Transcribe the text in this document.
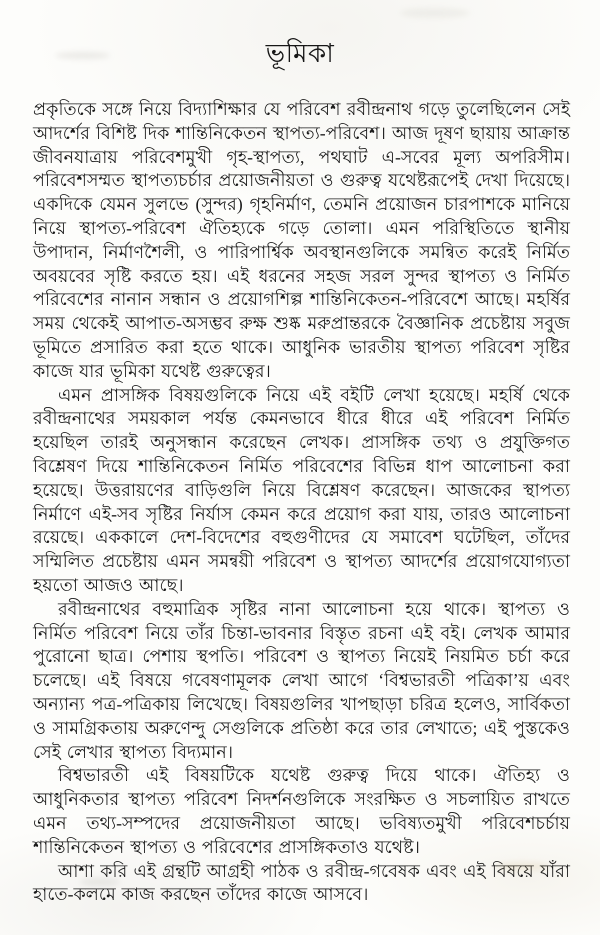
ভূমিকা

প্রকৃতিকে সঙ্গে নিয়ে বিদ্যাশিক্ষার যে পরিবেশ রবীন্দ্রনাথ গড়ে তুলেছিলেন সেই আদর্শের বিশিষ্ট দিক শান্তিনিকেতন স্থাপত্য-পরিবেশ। আজ দূষণ ছায়ায় আক্রান্ত জীবনযাত্রায় পরিবেশমুখী গৃহ-স্থাপত্য, পথঘাট এ-সবের মূল্য অপরিসীম। পরিবেশসম্মত স্থাপত্যচর্চার প্রয়োজনীয়তা ও গুরুত্ব যথেষ্টরূপেই দেখা দিয়েছে। একদিকে যেমন সুলভে (সুন্দর) গৃহনির্মাণ, তেমনি প্রয়োজন চারপাশকে মানিয়ে নিয়ে স্থাপত্য-পরিবেশ ঐতিহ্যকে গড়ে তোলা। এমন পরিস্থিতিতে স্থানীয় উপাদান, নির্মাণশৈলী, ও পারিপার্শ্বিক অবস্থানগুলিকে সমন্বিত করেই নির্মিত অবয়বের সৃষ্টি করতে হয়। এই ধরনের সহজ সরল সুন্দর স্থাপত্য ও নির্মিত পরিবেশের নানান সন্ধান ও প্রয়োগশিল্প শান্তিনিকেতন-পরিবেশে আছে। মহর্ষির সময় থেকেই আপাত-অসম্ভব রুক্ষ শুষ্ক মরুপ্রান্তরকে বৈজ্ঞানিক প্রচেষ্টায় সবুজ ভূমিতে প্রসারিত করা হতে থাকে। আধুনিক ভারতীয় স্থাপত্য পরিবেশ সৃষ্টির কাজে যার ভূমিকা যথেষ্ট গুরুত্বের।

এমন প্রাসঙ্গিক বিষয়গুলিকে নিয়ে এই বইটি লেখা হয়েছে। মহর্ষি থেকে রবীন্দ্রনাথের সময়কাল পর্যন্ত কেমনভাবে ধীরে ধীরে এই পরিবেশ নির্মিত হয়েছিল তারই অনুসন্ধান করেছেন লেখক। প্রাসঙ্গিক তথ্য ও প্রযুক্তিগত বিশ্লেষণ দিয়ে শান্তিনিকেতন নির্মিত পরিবেশের বিভিন্ন ধাপ আলোচনা করা হয়েছে। উত্তরায়ণের বাড়িগুলি নিয়ে বিশ্লেষণ করেছেন। আজকের স্থাপত্য নির্মাণে এই-সব সৃষ্টির নির্যাস কেমন করে প্রয়োগ করা যায়, তারও আলোচনা রয়েছে। এককালে দেশ-বিদেশের বহুগুণীদের যে সমাবেশ ঘটেছিল, তাঁদের সম্মিলিত প্রচেষ্টায় এমন সমন্বয়ী পরিবেশ ও স্থাপত্য আদর্শের প্রয়োগযোগ্যতা হয়তো আজও আছে।

রবীন্দ্রনাথের বহুমাত্রিক সৃষ্টির নানা আলোচনা হয়ে থাকে। স্থাপত্য ও নির্মিত পরিবেশ নিয়ে তাঁর চিন্তা-ভাবনার বিস্তৃত রচনা এই বই। লেখক আমার পুরোনো ছাত্র। পেশায় স্থপতি। পরিবেশ ও স্থাপত্য নিয়েই নিয়মিত চর্চা করে চলেছে। এই বিষয়ে গবেষণামূলক লেখা আগে ‘বিশ্বভারতী পত্রিকা’য় এবং অন্যান্য পত্র-পত্রিকায় লিখেছে। বিষয়গুলির খাপছাড়া চরিত্র হলেও, সার্বিকতা ও সামগ্রিকতায় অরুণেন্দু সেগুলিকে প্রতিষ্ঠা করে তার লেখাতে; এই পুস্তকেও সেই লেখার স্থাপত্য বিদ্যমান।

বিশ্বভারতী এই বিষয়টিকে যথেষ্ট গুরুত্ব দিয়ে থাকে। ঐতিহ্য ও আধুনিকতার স্থাপত্য পরিবেশ নিদর্শনগুলিকে সংরক্ষিত ও সচলায়িত রাখতে এমন তথ্য-সম্পদের প্রয়োজনীয়তা আছে। ভবিষ্যতমুখী পরিবেশচর্চায় শান্তিনিকেতন স্থাপত্য ও পরিবেশের প্রাসঙ্গিকতাও যথেষ্ট।

আশা করি এই গ্রন্থটি আগ্রহী পাঠক ও রবীন্দ্র-গবেষক এবং এই বিষয়ে যাঁরা হাতে-কলমে কাজ করছেন তাঁদের কাজে আসবে।
